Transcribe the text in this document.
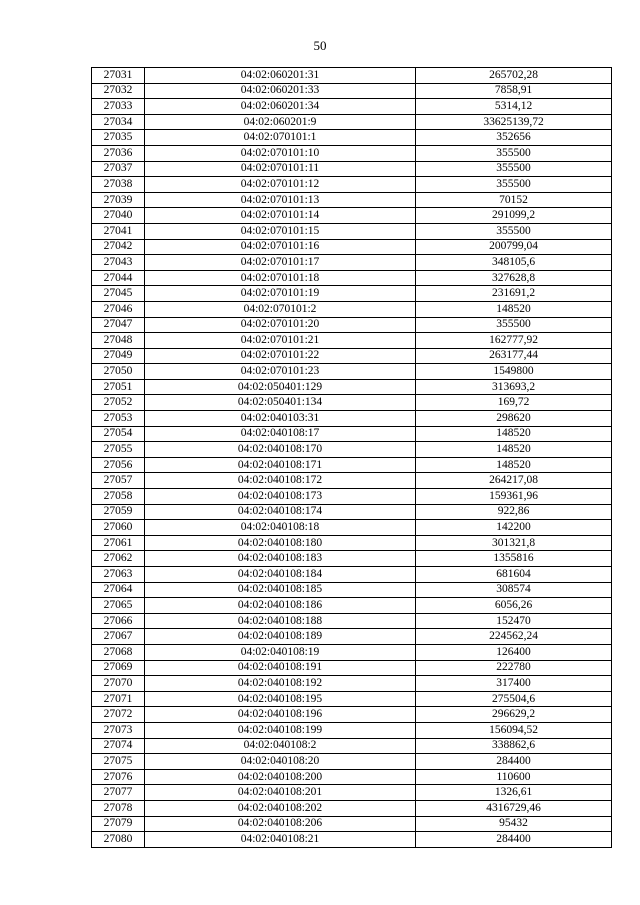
50
27031	04:02:060201:31	265702,28
27032	04:02:060201:33	7858,91
27033	04:02:060201:34	5314,12
27034	04:02:060201:9	33625139,72
27035	04:02:070101:1	352656
27036	04:02:070101:10	355500
27037	04:02:070101:11	355500
27038	04:02:070101:12	355500
27039	04:02:070101:13	70152
27040	04:02:070101:14	291099,2
27041	04:02:070101:15	355500
27042	04:02:070101:16	200799,04
27043	04:02:070101:17	348105,6
27044	04:02:070101:18	327628,8
27045	04:02:070101:19	231691,2
27046	04:02:070101:2	148520
27047	04:02:070101:20	355500
27048	04:02:070101:21	162777,92
27049	04:02:070101:22	263177,44
27050	04:02:070101:23	1549800
27051	04:02:050401:129	313693,2
27052	04:02:050401:134	169,72
27053	04:02:040103:31	298620
27054	04:02:040108:17	148520
27055	04:02:040108:170	148520
27056	04:02:040108:171	148520
27057	04:02:040108:172	264217,08
27058	04:02:040108:173	159361,96
27059	04:02:040108:174	922,86
27060	04:02:040108:18	142200
27061	04:02:040108:180	301321,8
27062	04:02:040108:183	1355816
27063	04:02:040108:184	681604
27064	04:02:040108:185	308574
27065	04:02:040108:186	6056,26
27066	04:02:040108:188	152470
27067	04:02:040108:189	224562,24
27068	04:02:040108:19	126400
27069	04:02:040108:191	222780
27070	04:02:040108:192	317400
27071	04:02:040108:195	275504,6
27072	04:02:040108:196	296629,2
27073	04:02:040108:199	156094,52
27074	04:02:040108:2	338862,6
27075	04:02:040108:20	284400
27076	04:02:040108:200	110600
27077	04:02:040108:201	1326,61
27078	04:02:040108:202	4316729,46
27079	04:02:040108:206	95432
27080	04:02:040108:21	284400
